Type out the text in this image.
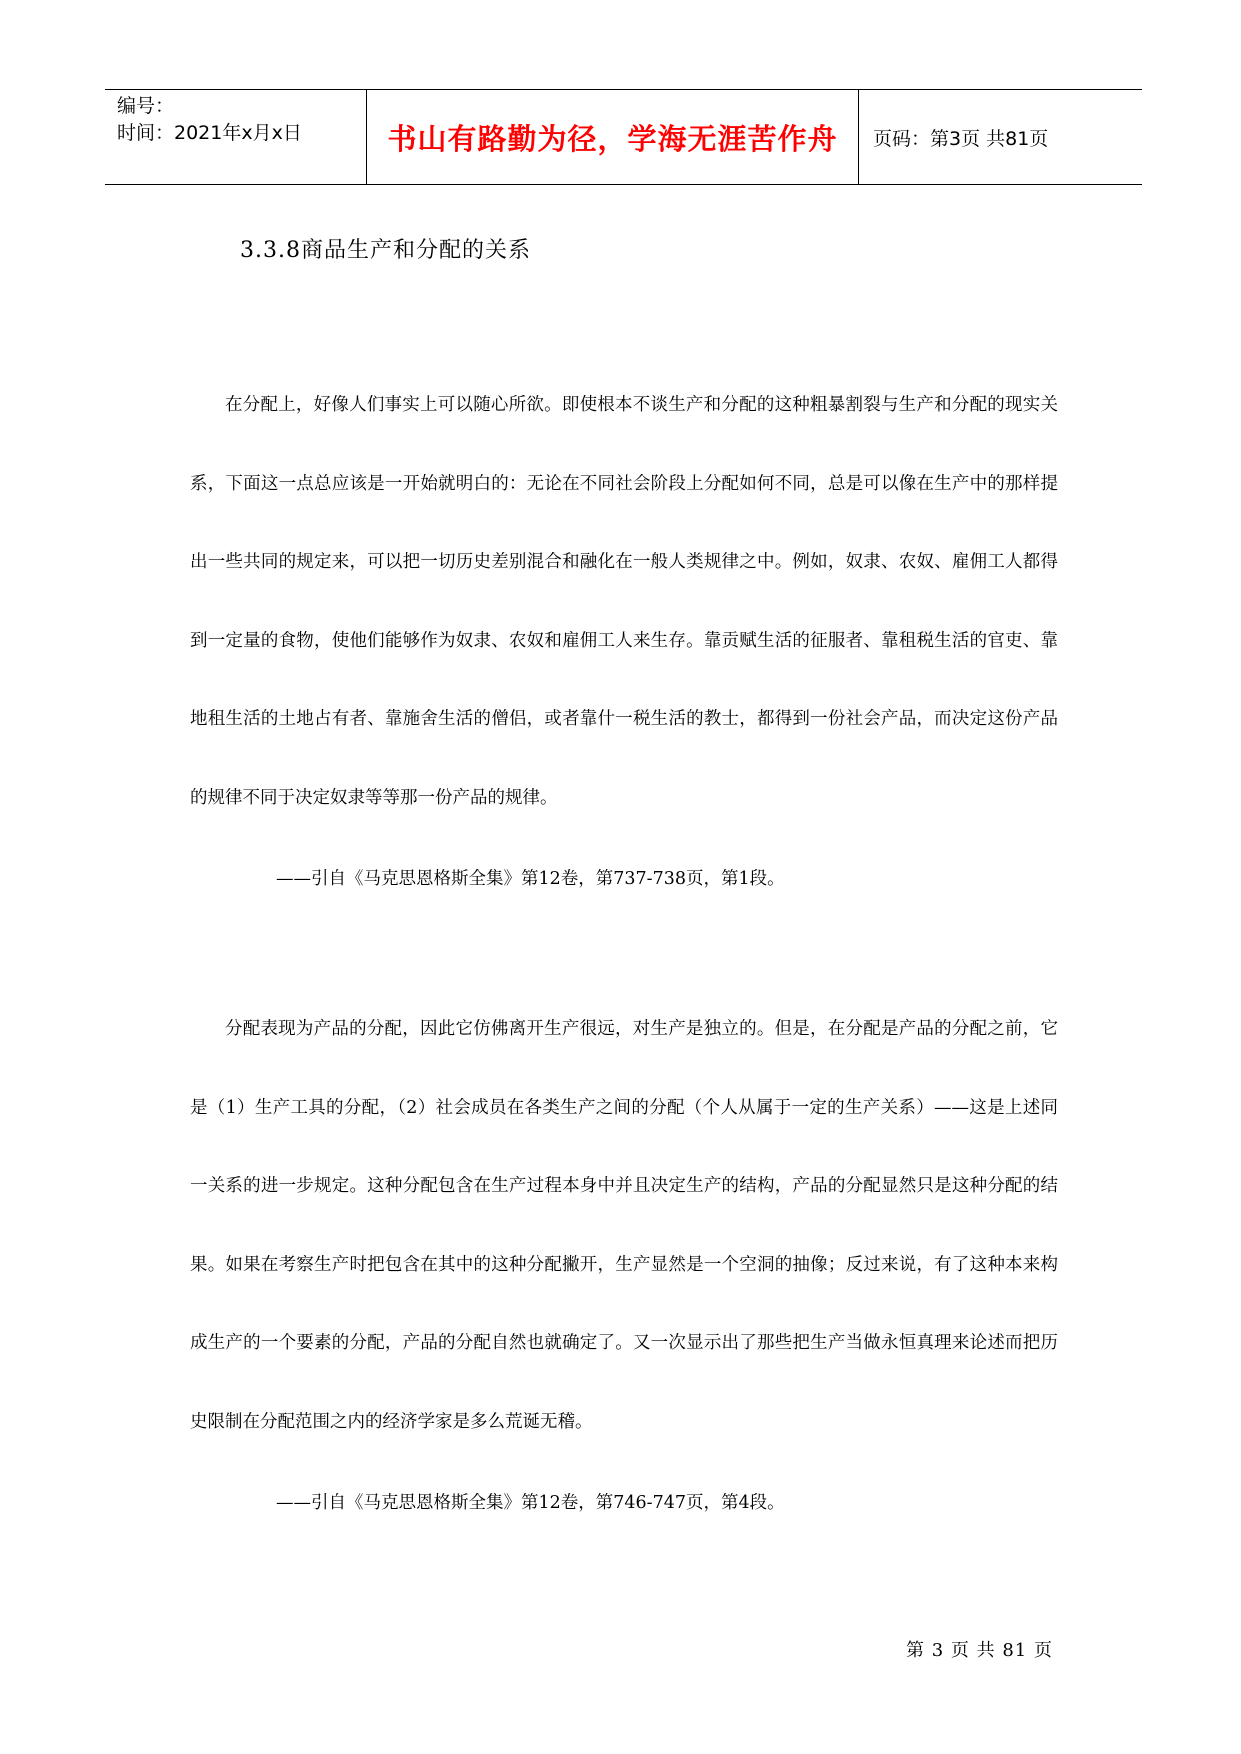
编号：
时间：2021年x月x日	书山有路勤为径，学海无涯苦作舟	页码：第3页 共81页
3.3.8商品生产和分配的关系

在分配上，好像人们事实上可以随心所欲。即使根本不谈生产和分配的这种粗暴割裂与生产和分配的现实关系，下面这一点总应该是一开始就明白的：无论在不同社会阶段上分配如何不同，总是可以像在生产中的那样提出一些共同的规定来，可以把一切历史差别混合和融化在一般人类规律之中。例如，奴隶、农奴、雇佣工人都得到一定量的食物，使他们能够作为奴隶、农奴和雇佣工人来生存。靠贡赋生活的征服者、靠租税生活的官吏、靠地租生活的土地占有者、靠施舍生活的僧侣，或者靠什一税生活的教士，都得到一份社会产品，而决定这份产品的规律不同于决定奴隶等等那一份产品的规律。

——引自《马克思恩格斯全集》第12卷，第737-738页，第1段。

分配表现为产品的分配，因此它仿佛离开生产很远，对生产是独立的。但是，在分配是产品的分配之前，它是（1）生产工具的分配，（2）社会成员在各类生产之间的分配（个人从属于一定的生产关系）——这是上述同一关系的进一步规定。这种分配包含在生产过程本身中并且决定生产的结构，产品的分配显然只是这种分配的结果。如果在考察生产时把包含在其中的这种分配撇开，生产显然是一个空洞的抽像；反过来说，有了这种本来构成生产的一个要素的分配，产品的分配自然也就确定了。又一次显示出了那些把生产当做永恒真理来论述而把历史限制在分配范围之内的经济学家是多么荒诞无稽。

——引自《马克思恩格斯全集》第12卷，第746-747页，第4段。

第 3 页 共 81 页
